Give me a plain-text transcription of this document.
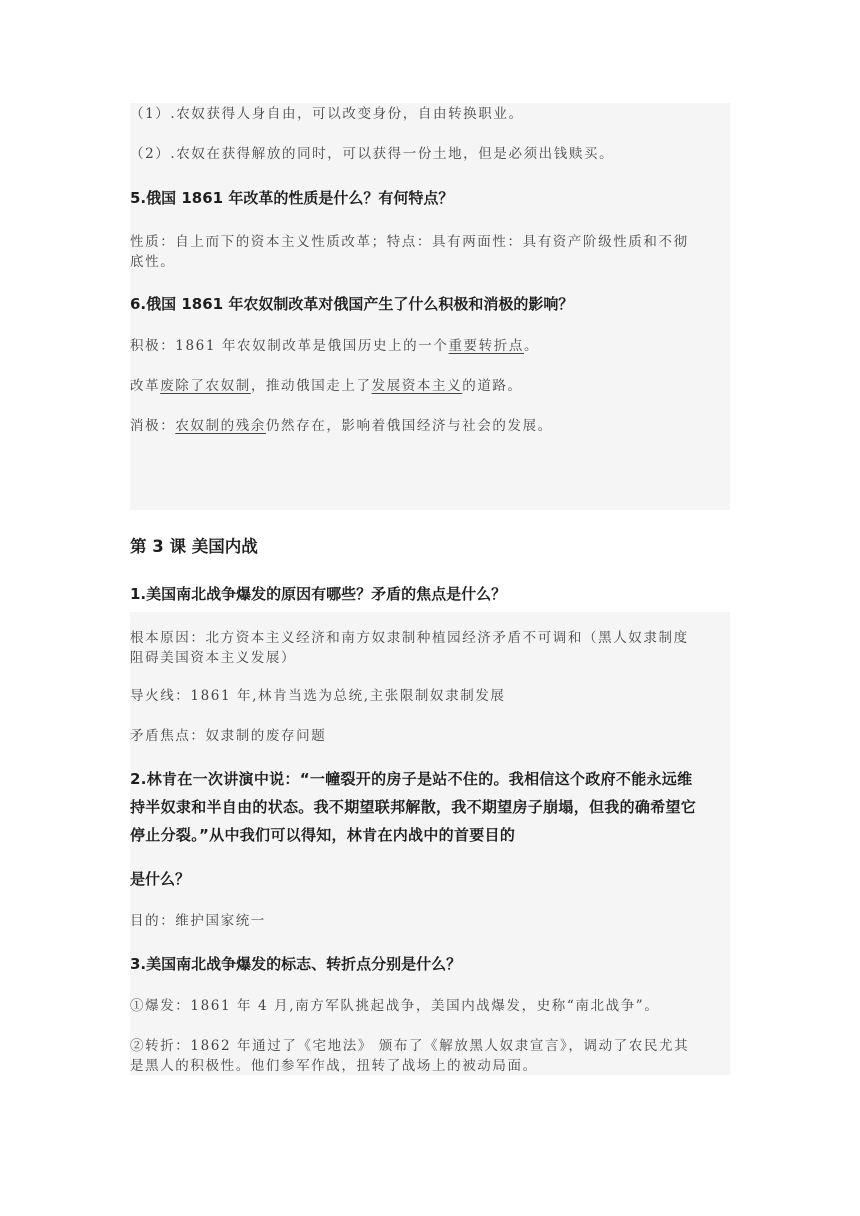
（1）.农奴获得人身自由，可以改变身份，自由转换职业。

（2）.农奴在获得解放的同时，可以获得一份土地，但是必须出钱赎买。

5.俄国 1861 年改革的性质是什么？有何特点？

性质：自上而下的资本主义性质改革；特点：具有两面性：具有资产阶级性质和不彻

底性。

6.俄国 1861 年农奴制改革对俄国产生了什么积极和消极的影响？

积极：1861 年农奴制改革是俄国历史上的一个重要转折点。

改革废除了农奴制，推动俄国走上了发展资本主义的道路。

消极：农奴制的残余仍然存在，影响着俄国经济与社会的发展。

第 3 课 美国内战

1.美国南北战争爆发的原因有哪些？矛盾的焦点是什么？

根本原因：北方资本主义经济和南方奴隶制种植园经济矛盾不可调和（黑人奴隶制度

阻碍美国资本主义发展）

导火线：1861 年,林肯当选为总统,主张限制奴隶制发展

矛盾焦点：奴隶制的废存问题

2.林肯在一次讲演中说：“一幢裂开的房子是站不住的。我相信这个政府不能永远维

持半奴隶和半自由的状态。我不期望联邦解散，我不期望房子崩塌，但我的确希望它

停止分裂。”从中我们可以得知，林肯在内战中的首要目的

是什么？

目的：维护国家统一

3.美国南北战争爆发的标志、转折点分别是什么？

①爆发：1861 年 4 月,南方军队挑起战争，美国内战爆发，史称“南北战争”。

②转折：1862 年通过了《宅地法》 颁布了《解放黑人奴隶宣言》，调动了农民尤其

是黑人的积极性。他们参军作战，扭转了战场上的被动局面。
